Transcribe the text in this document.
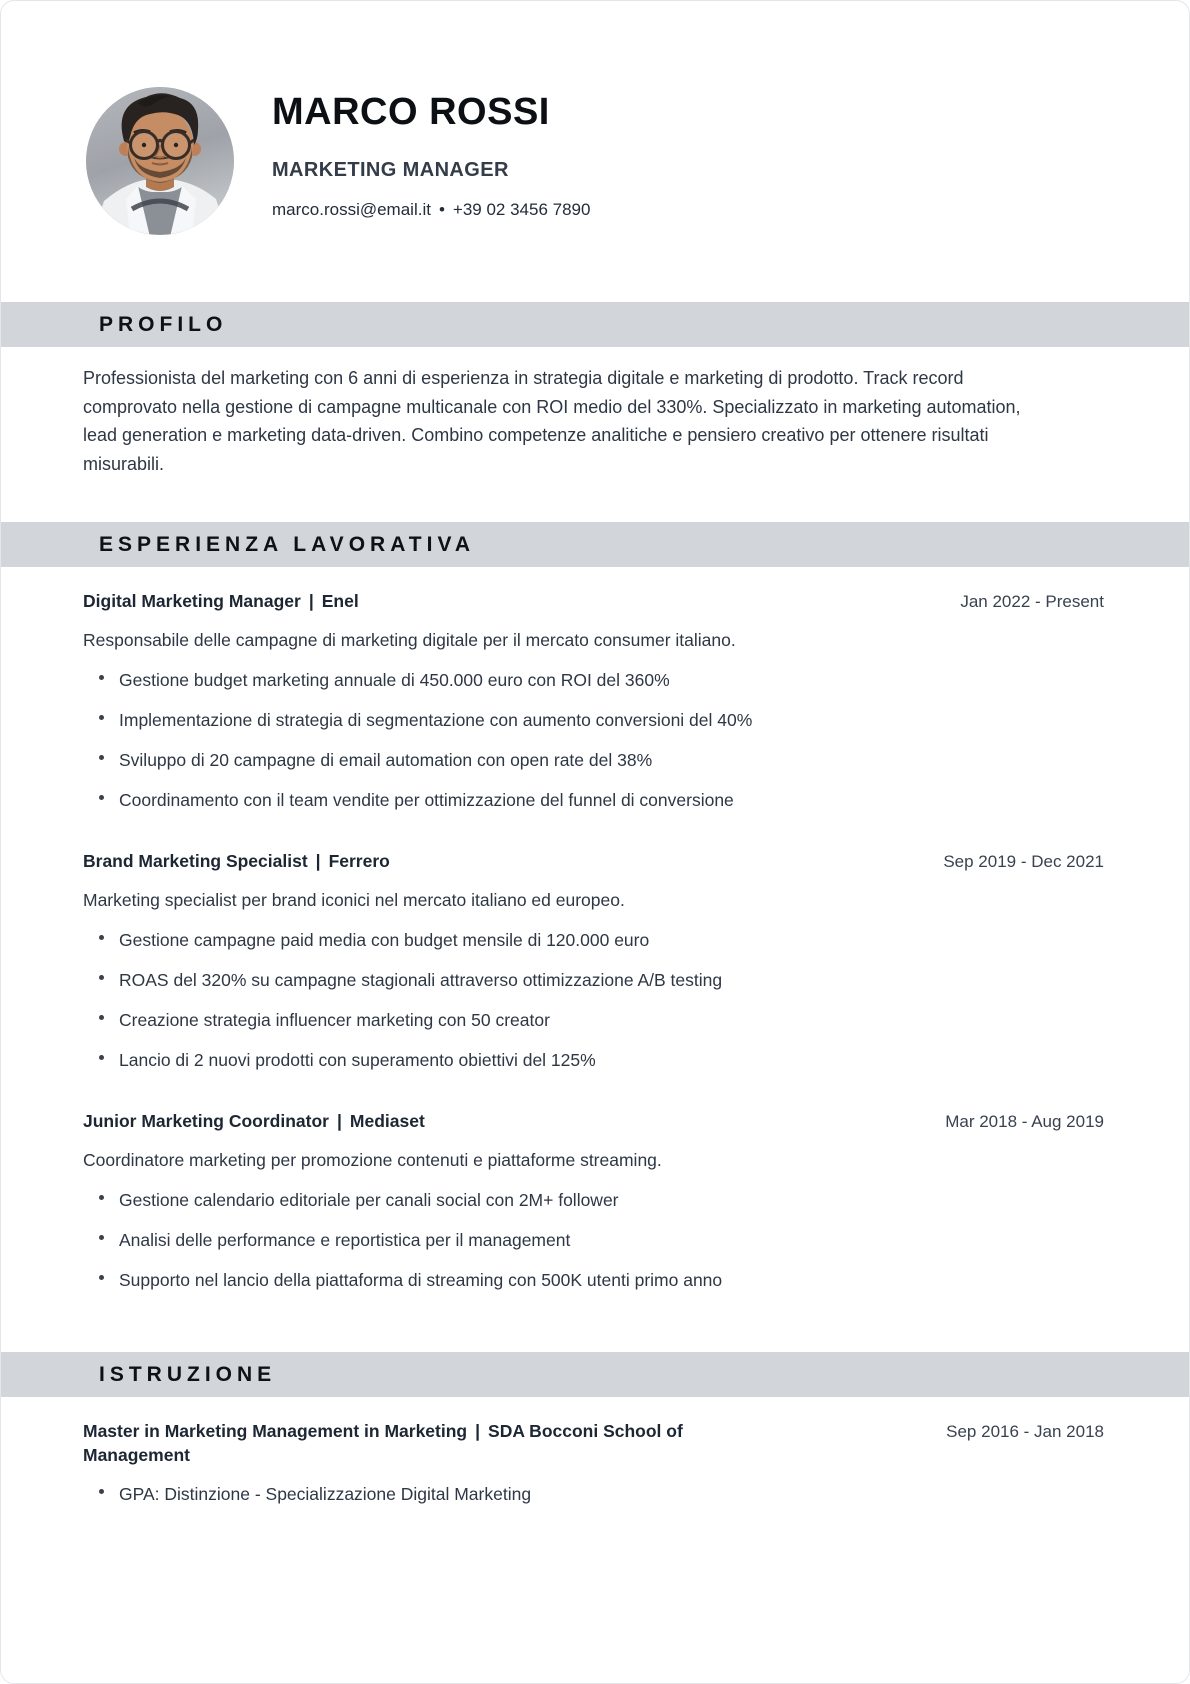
MARCO ROSSI
MARKETING MANAGER
marco.rossi@email.it • +39 02 3456 7890
PROFILO

Professionista del marketing con 6 anni di esperienza in strategia digitale e marketing di prodotto. Track record comprovato nella gestione di campagne multicanale con ROI medio del 330%. Specializzato in marketing automation, lead generation e marketing data-driven. Combino competenze analitiche e pensiero creativo per ottenere risultati misurabili.

ESPERIENZA LAVORATIVA
Digital Marketing Manager | Enel	Jan 2022 - Present

Responsabile delle campagne di marketing digitale per il mercato consumer italiano.

Gestione budget marketing annuale di 450.000 euro con ROI del 360%
Implementazione di strategia di segmentazione con aumento conversioni del 40%
Sviluppo di 20 campagne di email automation con open rate del 38%
Coordinamento con il team vendite per ottimizzazione del funnel di conversione
Brand Marketing Specialist | Ferrero	Sep 2019 - Dec 2021

Marketing specialist per brand iconici nel mercato italiano ed europeo.

Gestione campagne paid media con budget mensile di 120.000 euro
ROAS del 320% su campagne stagionali attraverso ottimizzazione A/B testing
Creazione strategia influencer marketing con 50 creator
Lancio di 2 nuovi prodotti con superamento obiettivi del 125%
Junior Marketing Coordinator | Mediaset	Mar 2018 - Aug 2019

Coordinatore marketing per promozione contenuti e piattaforme streaming.

Gestione calendario editoriale per canali social con 2M+ follower
Analisi delle performance e reportistica per il management
Supporto nel lancio della piattaforma di streaming con 500K utenti primo anno
ISTRUZIONE
Master in Marketing Management in Marketing | SDA Bocconi School of Management
Sep 2016 - Jan 2018
GPA: Distinzione - Specializzazione Digital Marketing
